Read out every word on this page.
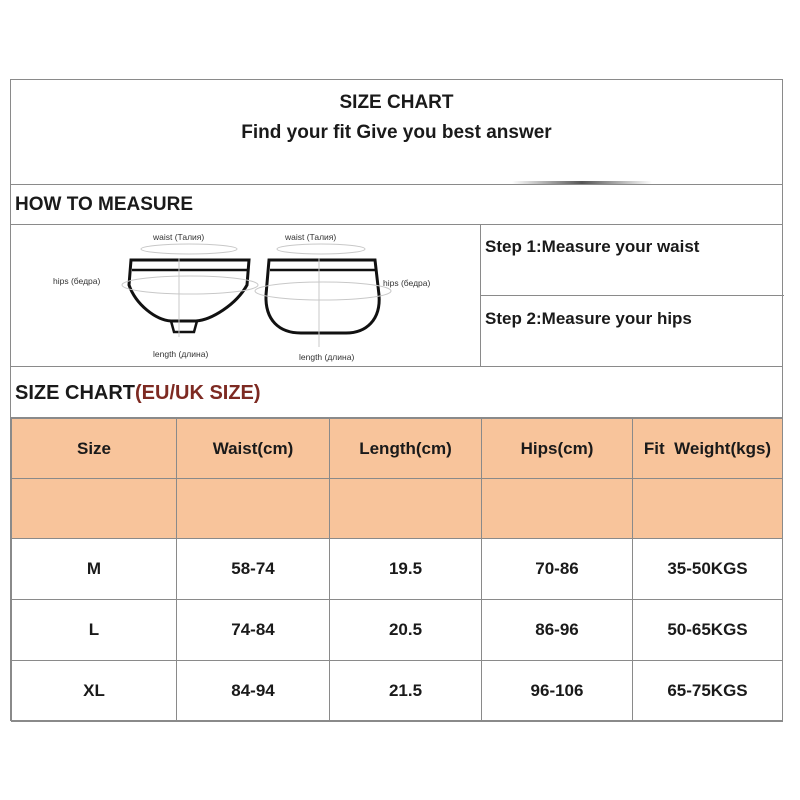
SIZE CHART
Find your fit Give you best answer
HOW TO MEASURE
waist (Талия)
hips (бедра)
length (длина)
waist (Талия)
hips (бедра)
length (длина)
Step 1:Measure your waist
Step 2:Measure your hips
SIZE CHART(EU/UK SIZE)
Size	Waist(cm)	Length(cm)	Hips(cm)	Fit  Weight(kgs)

M	58-74	19.5	70-86	35-50KGS
L	74-84	20.5	86-96	50-65KGS
XL	84-94	21.5	96-106	65-75KGS
